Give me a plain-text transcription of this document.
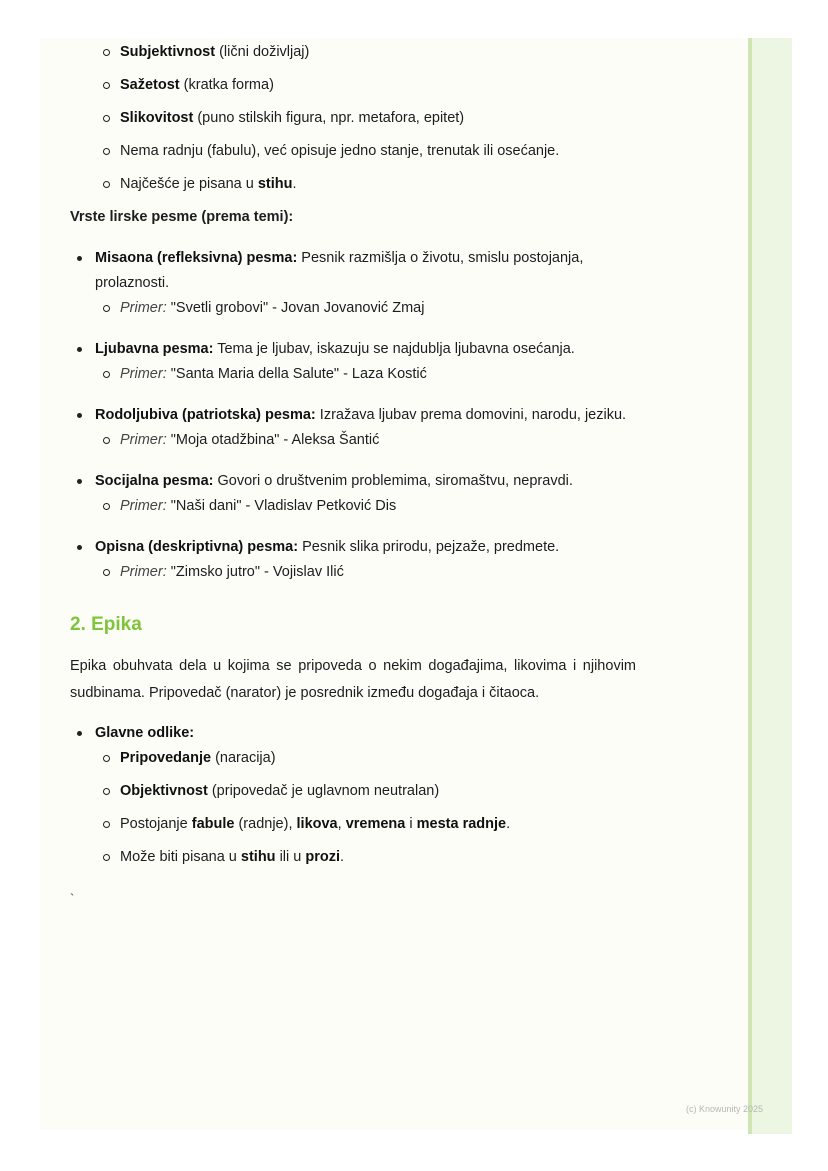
Subjektivnost (lični doživljaj)
Sažetost (kratka forma)
Slikovitost (puno stilskih figura, npr. metafora, epitet)
Nema radnju (fabulu), već opisuje jedno stanje, trenutak ili osećanje.
Najčešće je pisana u stihu.
Vrste lirske pesme (prema temi):
Misaona (refleksivna) pesma: Pesnik razmišlja o životu, smislu postojanja, prolaznosti.
Primer: "Svetli grobovi" - Jovan Jovanović Zmaj
Ljubavna pesma: Tema je ljubav, iskazuju se najdublja ljubavna osećanja.
Primer: "Santa Maria della Salute" - Laza Kostić
Rodoljubiva (patriotska) pesma: Izražava ljubav prema domovini, narodu, jeziku.
Primer: "Moja otadžbina" - Aleksa Šantić
Socijalna pesma: Govori o društvenim problemima, siromaštvu, nepravdi.
Primer: "Naši dani" - Vladislav Petković Dis
Opisna (deskriptivna) pesma: Pesnik slika prirodu, pejzaže, predmete.
Primer: "Zimsko jutro" - Vojislav Ilić
2. Epika

Epika obuhvata dela u kojima se pripoveda o nekim događajima, likovima i njihovim sudbinama. Pripovedač (narator) je posrednik između događaja i čitaoca.

Glavne odlike:
Pripovedanje (naracija)
Objektivnost (pripovedač je uglavnom neutralan)
Postojanje fabule (radnje), likova, vremena i mesta radnje.
Može biti pisana u stihu ili u prozi.
`
(c) Knowunity 2025
